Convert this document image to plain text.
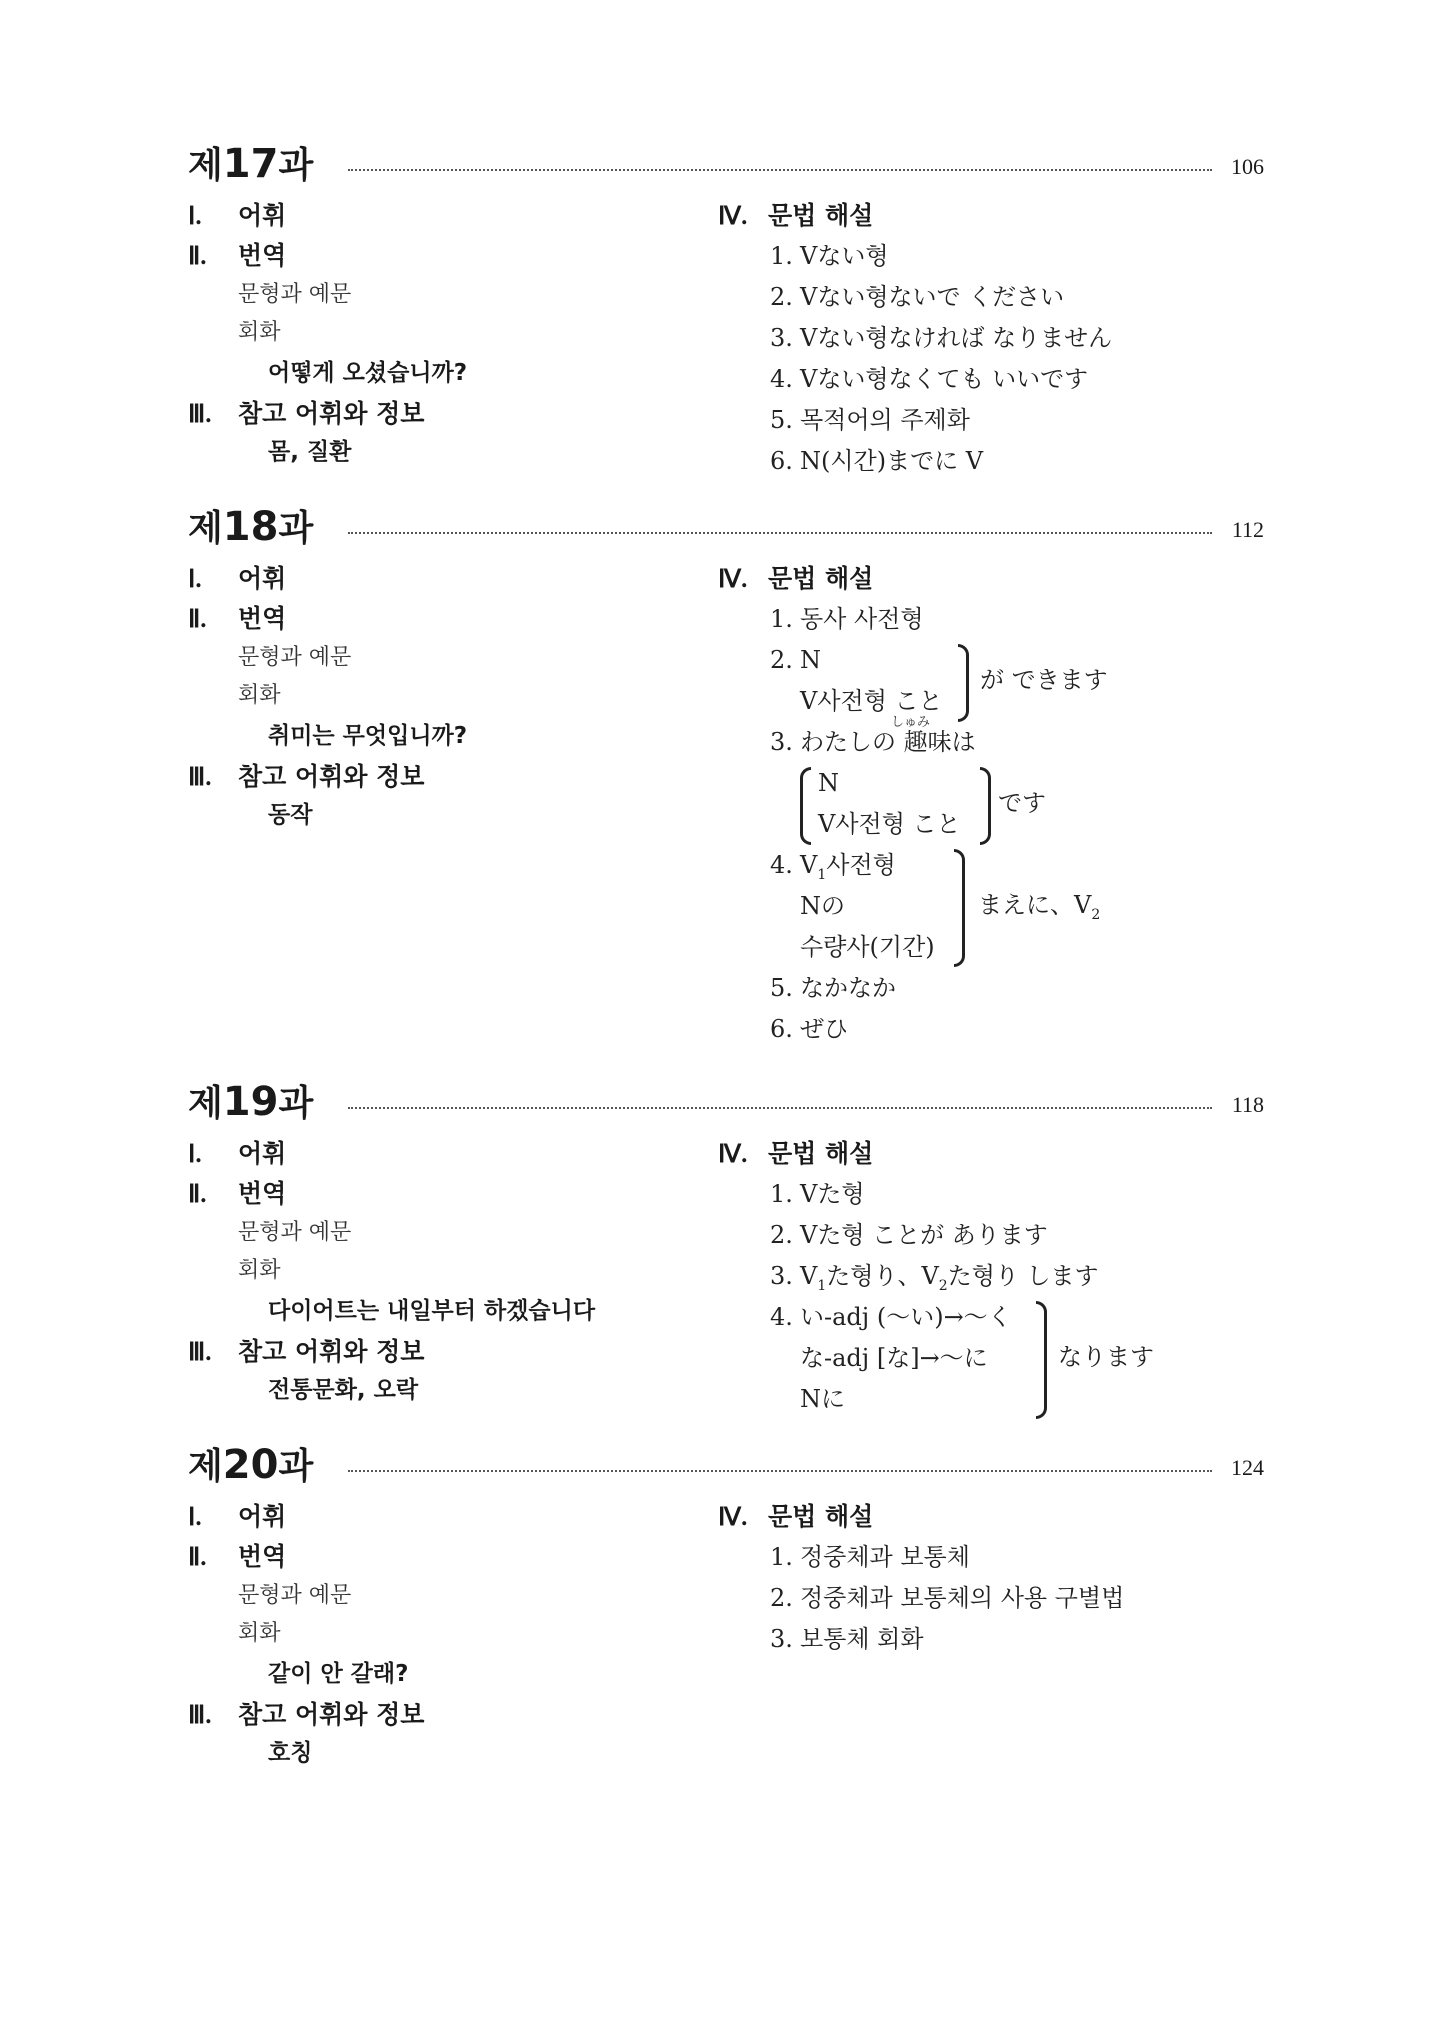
제17과	106
Ⅰ. 어휘
Ⅱ. 번역
문형과 예문
회화
어떻게 오셨습니까?
Ⅲ. 참고 어휘와 정보
몸, 질환
Ⅳ. 문법 해설
1. Vない형
2. Vない형ないで ください
3. Vない형なければ なりません
4. Vない형なくても いいです
5. 목적어의 주제화
6. N(시간)までに V
제18과	112
Ⅰ. 어휘
Ⅱ. 번역
문형과 예문
회화
취미는 무엇입니까?
Ⅲ. 참고 어휘와 정보
동작
Ⅳ. 문법 해설
1. 동사 사전형
2. N
V사전형 こと
が できます
3. わたしの 趣味は
しゅみ
N
V사전형 こと
です
4. $V_1$사전형
Nの
수량사(기간)
まえに、$V_2$
5. なかなか
6. ぜひ
제19과	118
Ⅰ. 어휘
Ⅱ. 번역
문형과 예문
회화
다이어트는 내일부터 하겠습니다
Ⅲ. 참고 어휘와 정보
전통문화, 오락
Ⅳ. 문법 해설
1. Vた형
2. Vた형 ことが あります
3. $V_1$た형り、$V_2$た형り します
4. い-adj (〜い)→〜く
な-adj [な]→〜に
Nに
なります
제20과	124
Ⅰ. 어휘
Ⅱ. 번역
문형과 예문
회화
같이 안 갈래?
Ⅲ. 참고 어휘와 정보
호칭
Ⅳ. 문법 해설
1. 정중체과 보통체
2. 정중체과 보통체의 사용 구별법
3. 보통체 회화
